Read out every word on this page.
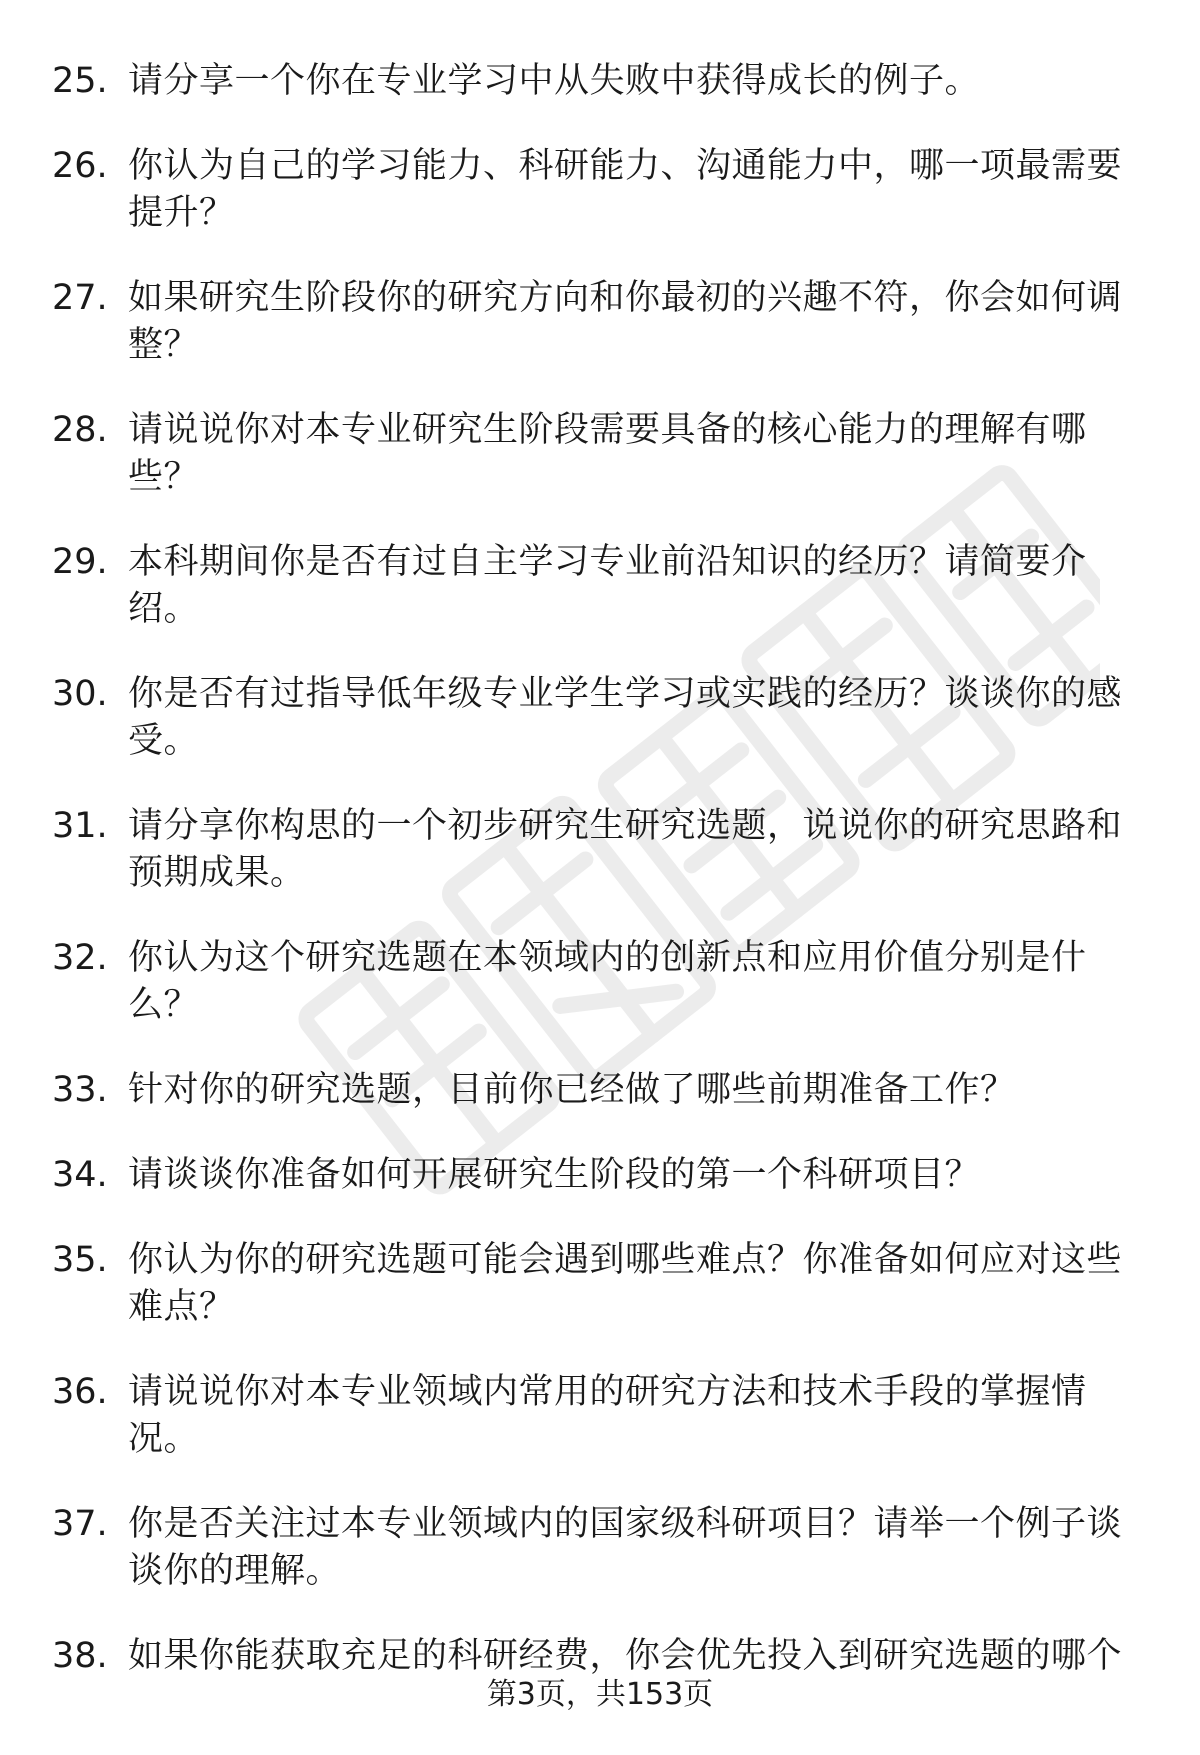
25. 请分享一个你在专业学习中从失败中获得成长的例子。
26. 你认为自己的学习能力、科研能力、沟通能力中，哪一项最需要提升？
27. 如果研究生阶段你的研究方向和你最初的兴趣不符，你会如何调整？
28. 请说说你对本专业研究生阶段需要具备的核心能力的理解有哪些？
29. 本科期间你是否有过自主学习专业前沿知识的经历？请简要介绍。
30. 你是否有过指导低年级专业学生学习或实践的经历？谈谈你的感受。
31. 请分享你构思的一个初步研究生研究选题，说说你的研究思路和预期成果。
32. 你认为这个研究选题在本领域内的创新点和应用价值分别是什么？
33. 针对你的研究选题，目前你已经做了哪些前期准备工作？
34. 请谈谈你准备如何开展研究生阶段的第一个科研项目？
35. 你认为你的研究选题可能会遇到哪些难点？你准备如何应对这些难点？
36. 请说说你对本专业领域内常用的研究方法和技术手段的掌握情况。
37. 你是否关注过本专业领域内的国家级科研项目？请举一个例子谈谈你的理解。
38. 如果你能获取充足的科研经费，你会优先投入到研究选题的哪个
第3页，共153页
